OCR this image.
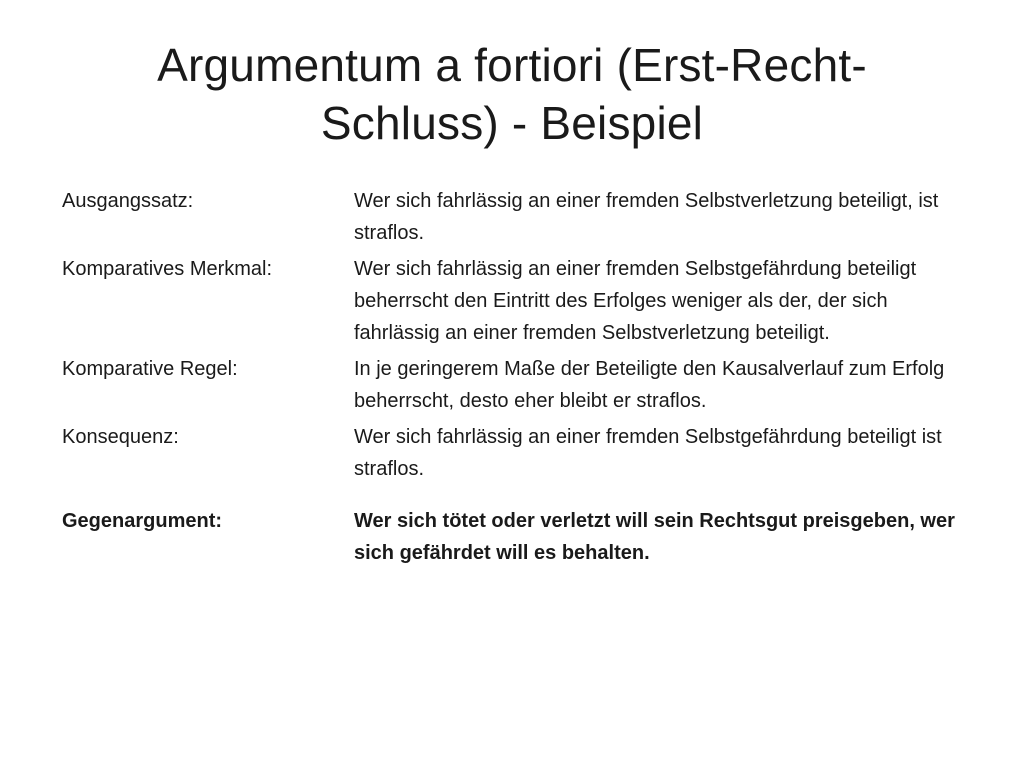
Argumentum a fortiori (Erst-Recht-
Schluss) - Beispiel
Ausgangssatz:	Wer sich fahrlässig an einer fremden Selbstverletzung beteiligt, ist straflos.
Komparatives Merkmal:	Wer sich fahrlässig an einer fremden Selbstgefährdung beteiligt beherrscht den Eintritt des Erfolges weniger als der, der sich fahrlässig an einer fremden Selbstverletzung beteiligt.
Komparative Regel:	In je geringerem Maße der Beteiligte den Kausalverlauf zum Erfolg beherrscht, desto eher bleibt er straflos.
Konsequenz:	Wer sich fahrlässig an einer fremden Selbstgefährdung beteiligt ist straflos.
Gegenargument:	Wer sich tötet oder verletzt will sein Rechtsgut preisgeben, wer sich gefährdet will es behalten.
